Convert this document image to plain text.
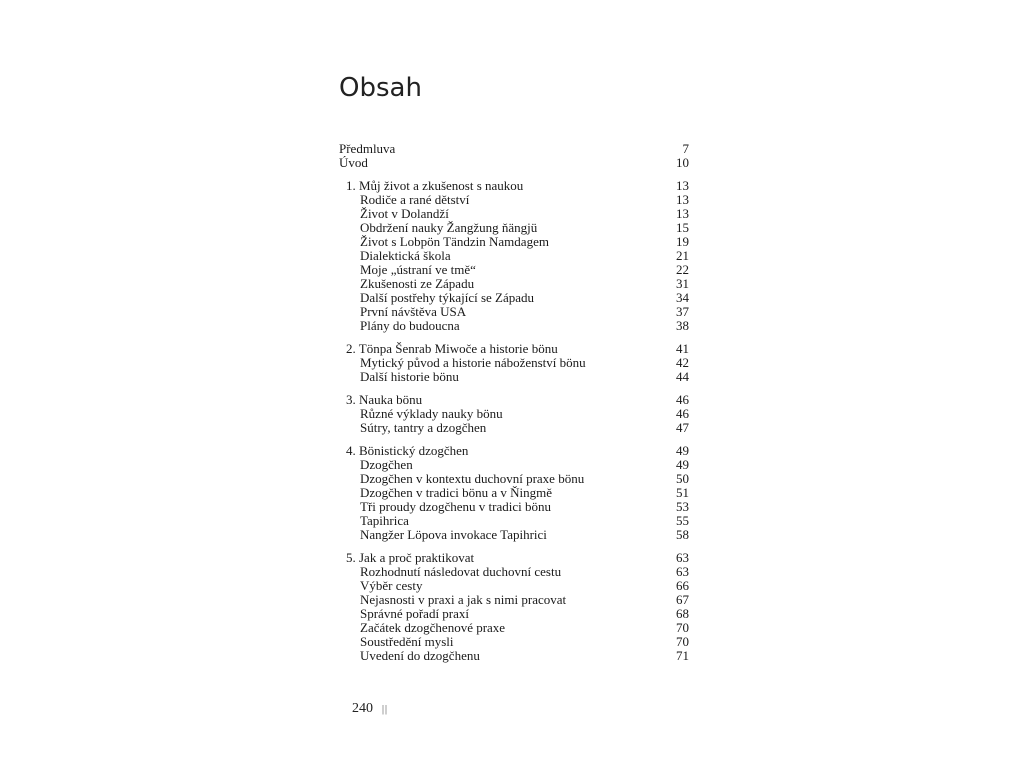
Obsah
Předmluva	7
Úvod	10
1. Můj život a zkušenost s naukou	13
Rodiče a rané dětství	13
Život v Dolandží	13
Obdržení nauky Žangžung ňängjü	15
Život s Lobpön Tändzin Namdagem	19
Dialektická škola	21
Moje „ústraní ve tmě“	22
Zkušenosti ze Západu	31
Další postřehy týkající se Západu	34
První návštěva USA	37
Plány do budoucna	38
2. Tönpa Šenrab Miwoče a historie bönu	41
Mytický původ a historie náboženství bönu	42
Další historie bönu	44
3. Nauka bönu	46
Různé výklady nauky bönu	46
Sútry, tantry a dzogčhen	47
4. Bönistický dzogčhen	49
Dzogčhen	49
Dzogčhen v kontextu duchovní praxe bönu	50
Dzogčhen v tradici bönu a v Ňingmě	51
Tři proudy dzogčhenu v tradici bönu	53
Tapihrica	55
Nangžer Löpova invokace Tapihrici	58
5. Jak a proč praktikovat	63
Rozhodnutí následovat duchovní cestu	63
Výběr cesty	66
Nejasnosti v praxi a jak s nimi pracovat	67
Správné pořadí praxí	68
Začátek dzogčhenové praxe	70
Soustředění mysli	70
Uvedení do dzogčhenu	71
240 ||
